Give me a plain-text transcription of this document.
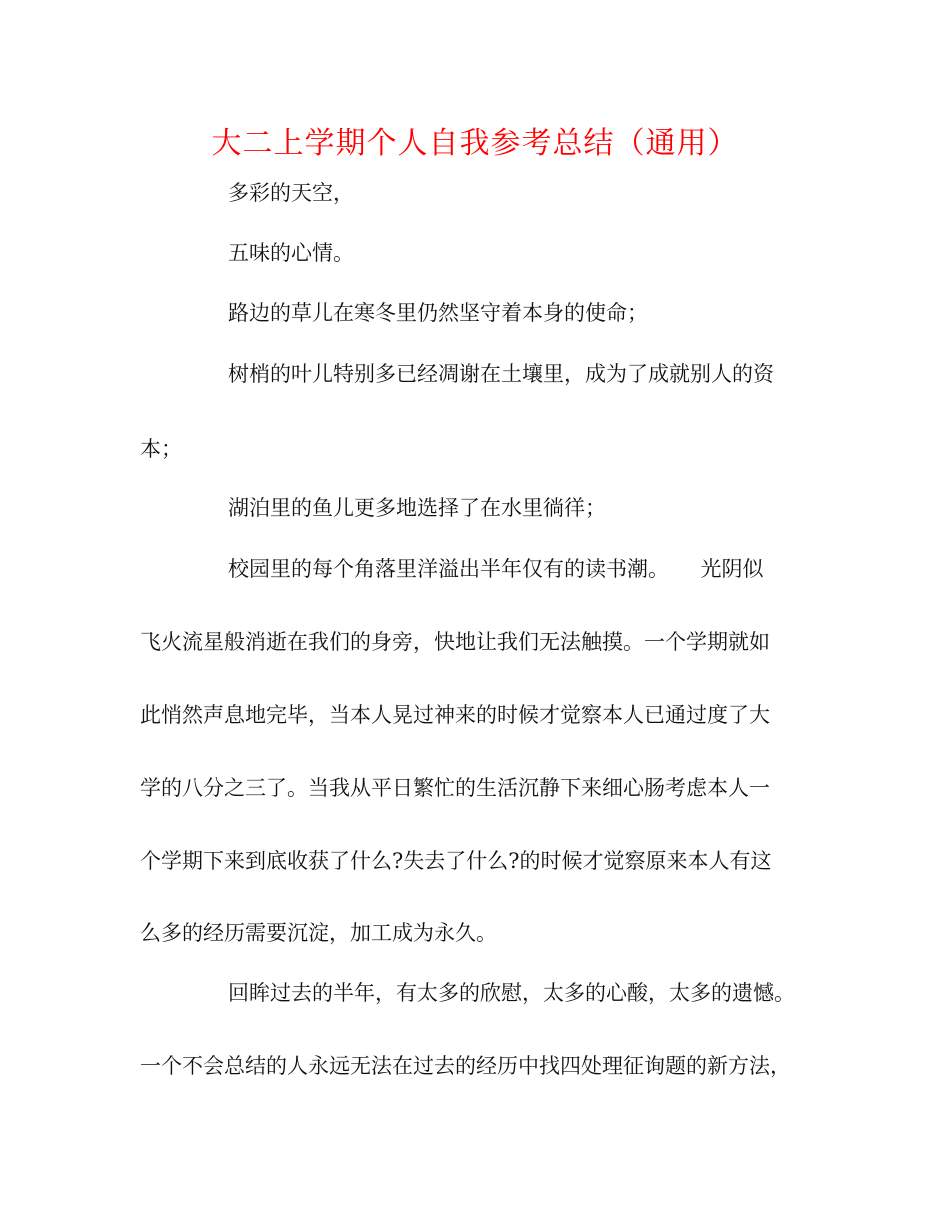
大二上学期个人自我参考总结（通用）
多彩的天空，
五味的心情。
路边的草儿在寒冬里仍然坚守着本身的使命；
树梢的叶儿特别多已经凋谢在土壤里，成为了成就别人的资
本；
湖泊里的鱼儿更多地选择了在水里徜徉；
校园里的每个角落里洋溢出半年仅有的读书潮。　　光阴似
飞火流星般消逝在我们的身旁，快地让我们无法触摸。一个学期就如
此悄然声息地完毕，当本人晃过神来的时候才觉察本人已通过度了大
学的八分之三了。当我从平日繁忙的生活沉静下来细心肠考虑本人一
个学期下来到底收获了什么?失去了什么?的时候才觉察原来本人有这
么多的经历需要沉淀，加工成为永久。
回眸过去的半年，有太多的欣慰，太多的心酸，太多的遗憾。
一个不会总结的人永远无法在过去的经历中找四处理征询题的新方法，
